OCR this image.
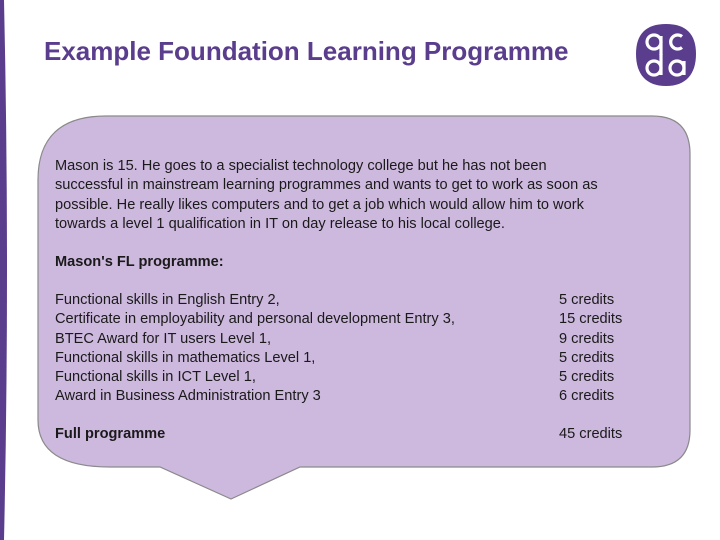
Example Foundation Learning Programme
Mason is 15. He goes to a specialist technology college but he has not been
successful in mainstream learning programmes and wants to get to work as soon as
possible. He really likes computers and to get a job which would allow him to work
towards a level 1 qualification in IT on day release to his local college.
Mason's FL programme:
Functional skills in English Entry 2,
Certificate in employability and personal development Entry 3,
BTEC Award for IT users Level 1,
Functional skills in mathematics Level 1,
Functional skills in ICT Level 1,
Award in Business Administration Entry 3
5 credits
15 credits
9 credits
5 credits
5 credits
6 credits
Full programme	45 credits
